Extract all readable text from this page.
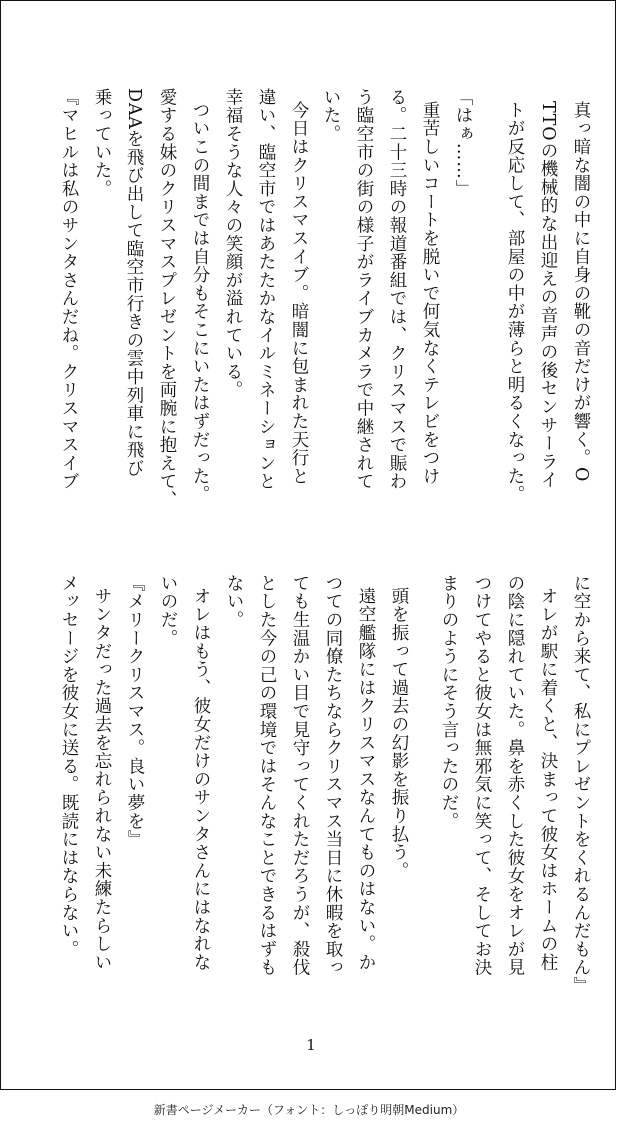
真っ暗な闇の中に自身の靴の音だけが響く。O
TTOの機械的な出迎えの音声の後センサーライ
トが反応して、部屋の中が薄らと明るくなった。
「はぁ……」
重苦しいコートを脱いで何気なくテレビをつけ
る。二十三時の報道番組では、クリスマスで賑わ
う臨空市の街の様子がライブカメラで中継されて
いた。
今日はクリスマスイブ。暗闇に包まれた天行と
違い、臨空市ではあたたかなイルミネーションと
幸福そうな人々の笑顔が溢れている。
ついこの間までは自分もそこにいたはずだった。
愛する妹のクリスマスプレゼントを両腕に抱えて、
DAAを飛び出して臨空市行きの雲中列車に飛び
乗っていた。
『マヒルは私のサンタさんだね。クリスマスイブ
に空から来て、私にプレゼントをくれるんだもん』
オレが駅に着くと、決まって彼女はホームの柱
の陰に隠れていた。鼻を赤くした彼女をオレが見
つけてやると彼女は無邪気に笑って、そしてお決
まりのようにそう言ったのだ。
頭を振って過去の幻影を振り払う。
遠空艦隊にはクリスマスなんてものはない。か
つての同僚たちならクリスマス当日に休暇を取っ
ても生温かい目で見守ってくれただろうが、殺伐
とした今の己の環境ではそんなことできるはずも
ない。
オレはもう、彼女だけのサンタさんにはなれな
いのだ。
『メリークリスマス。良い夢を』
サンタだった過去を忘れられない未練たらしい
メッセージを彼女に送る。既読にはならない。
1
新書ページメーカー（フォント：しっぽり明朝Medium）
